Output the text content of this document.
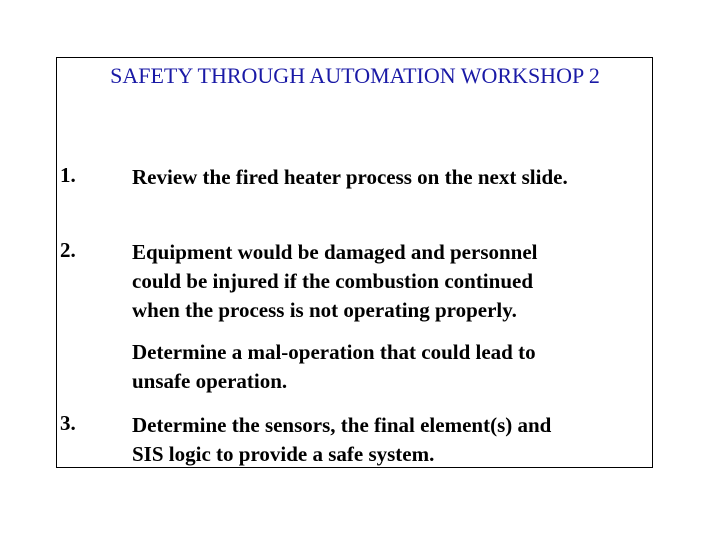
SAFETY THROUGH AUTOMATION WORKSHOP 2
1.	Review the fired heater process on the next slide.
2.	Equipment would be damaged and personnel
could be injured if the combustion continued
when the process is not operating properly.
Determine a mal-operation that could lead to
unsafe operation.
3.	Determine the sensors, the final element(s) and
SIS logic to provide a safe system.
